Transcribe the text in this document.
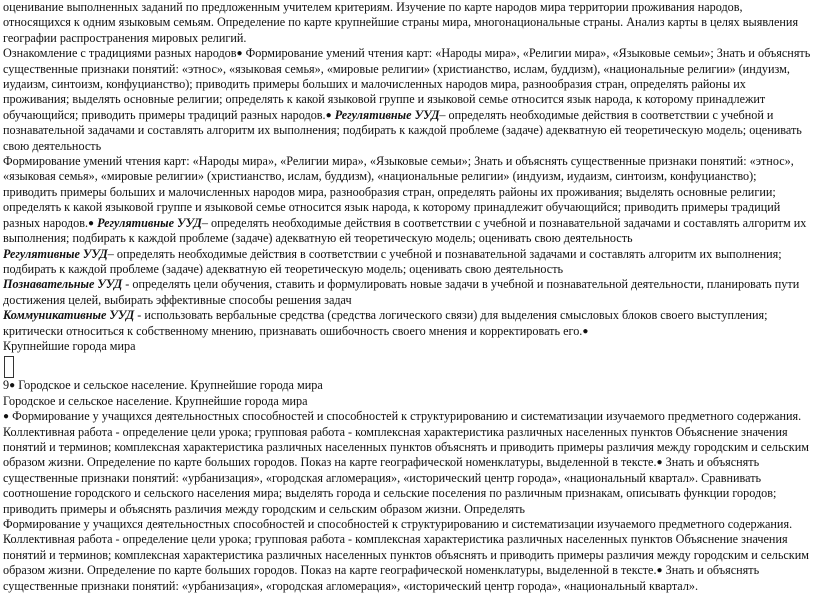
оценивание выполненных заданий по предложенным учителем критериям. Изучение по карте народов мира территории проживания народов, относящихся к одним языковым семьям. Определение по карте крупнейшие страны мира, многонациональные страны. Анализ карты в целях выявления географии распространения мировых религий.

Ознакомление с традициями разных народов● Формирование умений чтения карт: «Народы мира», «Религии мира», «Языковые семьи»; Знать и объяснять существенные признаки понятий: «этнос», «языковая семья», «мировые религии» (христианство, ислам, буддизм), «национальные религии» (индуизм, иудаизм, синтоизм, конфуцианство); приводить примеры больших и малочисленных народов мира, разнообразия стран, определять районы их проживания; выделять основные религии; определять к какой языковой группе и языковой семье относится язык народа, к которому принадлежит обучающийся; приводить примеры традиций разных народов.● Регулятивные УУД– определять необходимые действия в соответствии с учебной и познавательной задачами и составлять алгоритм их выполнения; подбирать к каждой проблеме (задаче) адекватную ей теоретическую модель; оценивать свою деятельность

Формирование умений чтения карт: «Народы мира», «Религии мира», «Языковые семьи»; Знать и объяснять существенные признаки понятий: «этнос», «языковая семья», «мировые религии» (христианство, ислам, буддизм), «национальные религии» (индуизм, иудаизм, синтоизм, конфуцианство); приводить примеры больших и малочисленных народов мира, разнообразия стран, определять районы их проживания; выделять основные религии; определять к какой языковой группе и языковой семье относится язык народа, к которому принадлежит обучающийся; приводить примеры традиций разных народов.● Регулятивные УУД– определять необходимые действия в соответствии с учебной и познавательной задачами и составлять алгоритм их выполнения; подбирать к каждой проблеме (задаче) адекватную ей теоретическую модель; оценивать свою деятельность

Регулятивные УУД– определять необходимые действия в соответствии с учебной и познавательной задачами и составлять алгоритм их выполнения; подбирать к каждой проблеме (задаче) адекватную ей теоретическую модель; оценивать свою деятельность

Познавательные УУД - определять цели обучения, ставить и формулировать новые задачи в учебной и познавательной деятельности, планировать пути достижения целей, выбирать эффективные способы решения задач

Коммуникативные УУД - использовать вербальные средства (средства логического связи) для выделения смысловых блоков своего выступления; критически относиться к собственному мнению, признавать ошибочность своего мнения и корректировать его.●

Крупнейшие города мира

9● Городское и сельское население. Крупнейшие города мира

Городское и сельское население. Крупнейшие города мира

● Формирование у учащихся деятельностных способностей и способностей к структурированию и систематизации изучаемого предметного содержания. Коллективная работа - определение цели урока; групповая работа - комплексная характеристика различных населенных пунктов Объяснение значения понятий и терминов; комплексная характеристика различных населенных пунктов объяснять и приводить примеры различия между городским и сельским образом жизни. Определение по карте больших городов. Показ на карте географической номенклатуры, выделенной в тексте.● Знать и объяснять существенные признаки понятий: «урбанизация», «городская агломерация», «исторический центр города», «национальный квартал». Сравнивать соотношение городского и сельского населения мира; выделять города и сельские поселения по различным признакам, описывать функции городов; приводить примеры и объяснять различия между городским и сельским образом жизни. Определять

Формирование у учащихся деятельностных способностей и способностей к структурированию и систематизации изучаемого предметного содержания. Коллективная работа - определение цели урока; групповая работа - комплексная характеристика различных населенных пунктов Объяснение значения понятий и терминов; комплексная характеристика различных населенных пунктов объяснять и приводить примеры различия между городским и сельским образом жизни. Определение по карте больших городов. Показ на карте географической номенклатуры, выделенной в тексте.● Знать и объяснять существенные признаки понятий: «урбанизация», «городская агломерация», «исторический центр города», «национальный квартал».
